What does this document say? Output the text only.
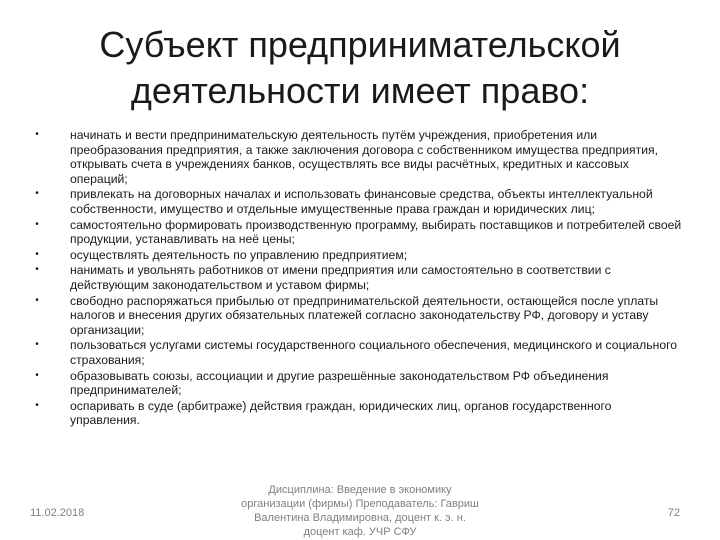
Субъект предпринимательской
деятельности имеет право:
•	начинать и вести предпринимательскую деятельность путём учреждения, приобретения или преобразования предприятия, а также заключения договора с собственником имущества предприятия, открывать счета в учреждениях банков, осуществлять все виды расчётных, кредитных и кассовых операций;
•	привлекать на договорных началах и использовать финансовые средства, объекты интеллектуальной собственности, имущество и отдельные имущественные права граждан и юридических лиц;
•	самостоятельно формировать производственную программу, выбирать поставщиков и потребителей своей продукции, устанавливать на неё цены;
•	осуществлять деятельность по управлению предприятием;
•	нанимать и увольнять работников от имени предприятия или самостоятельно в соответствии с действующим законодательством и уставом фирмы;
•	свободно распоряжаться прибылью от предпринимательской деятельности, остающейся после уплаты налогов и внесения других обязательных платежей согласно законодательству РФ, договору и уставу организации;
•	пользоваться услугами системы государственного социального обеспечения, медицинского и социального страхования;
•	образовывать союзы, ассоциации и другие разрешённые законодательством РФ объединения предпринимателей;
•	оспаривать в суде (арбитраже) действия граждан, юридических лиц, органов государственного управления.
11.02.2018
Дисциплина: Введение в экономику организации (фирмы) Преподаватель: Гавриш Валентина Владимировна, доцент к. э. н. доцент каф. УЧР СФУ
72
